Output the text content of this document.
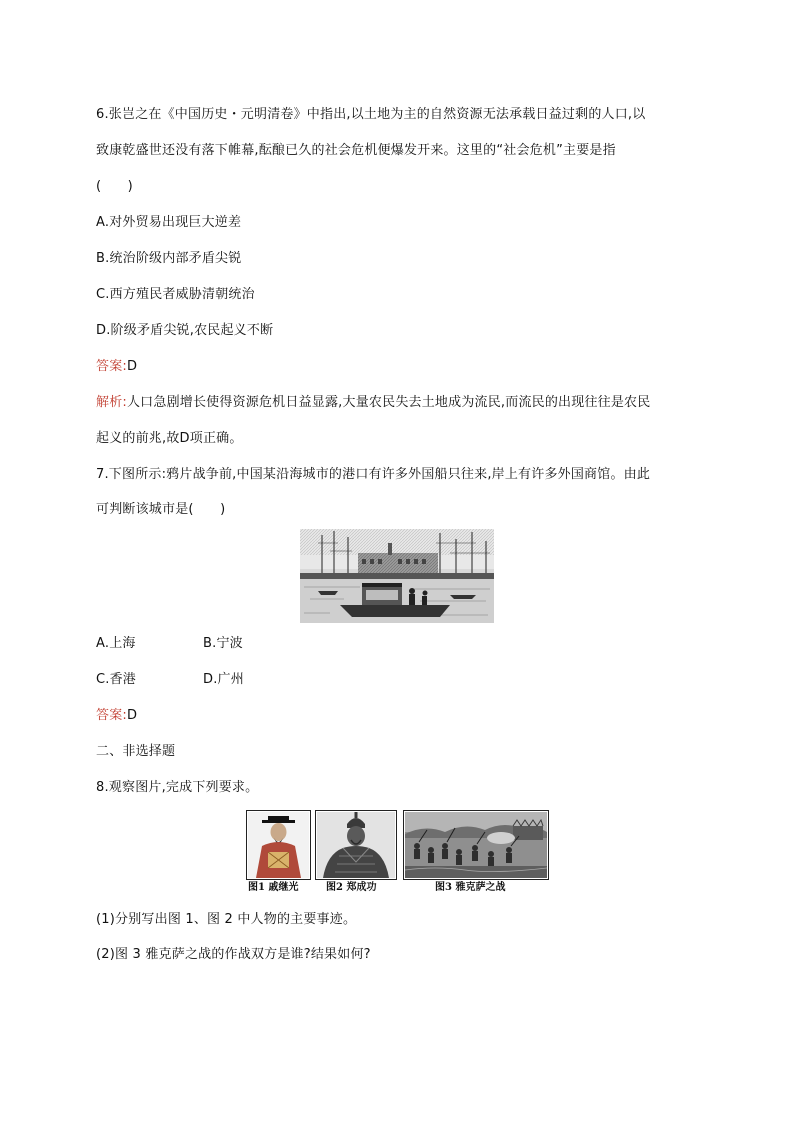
6.张岂之在《中国历史・元明清卷》中指出,以土地为主的自然资源无法承载日益过剩的人口,以
致康乾盛世还没有落下帷幕,酝酿已久的社会危机便爆发开来。这里的“社会危机”主要是指
(　　)
A.对外贸易出现巨大逆差
B.统治阶级内部矛盾尖锐
C.西方殖民者威胁清朝统治
D.阶级矛盾尖锐,农民起义不断
答案:D
解析:人口急剧增长使得资源危机日益显露,大量农民失去土地成为流民,而流民的出现往往是农民
起义的前兆,故D项正确。
7.下图所示:鸦片战争前,中国某沿海城市的港口有许多外国船只往来,岸上有许多外国商馆。由此
可判断该城市是(　　)
A.上海	B.宁波
C.香港	D.广州
答案:D
二、非选择题
8.观察图片,完成下列要求。
图1 戚继光	图2 郑成功	图3 雅克萨之战
(1)分别写出图 1、图 2 中人物的主要事迹。
(2)图 3 雅克萨之战的作战双方是谁?结果如何?
